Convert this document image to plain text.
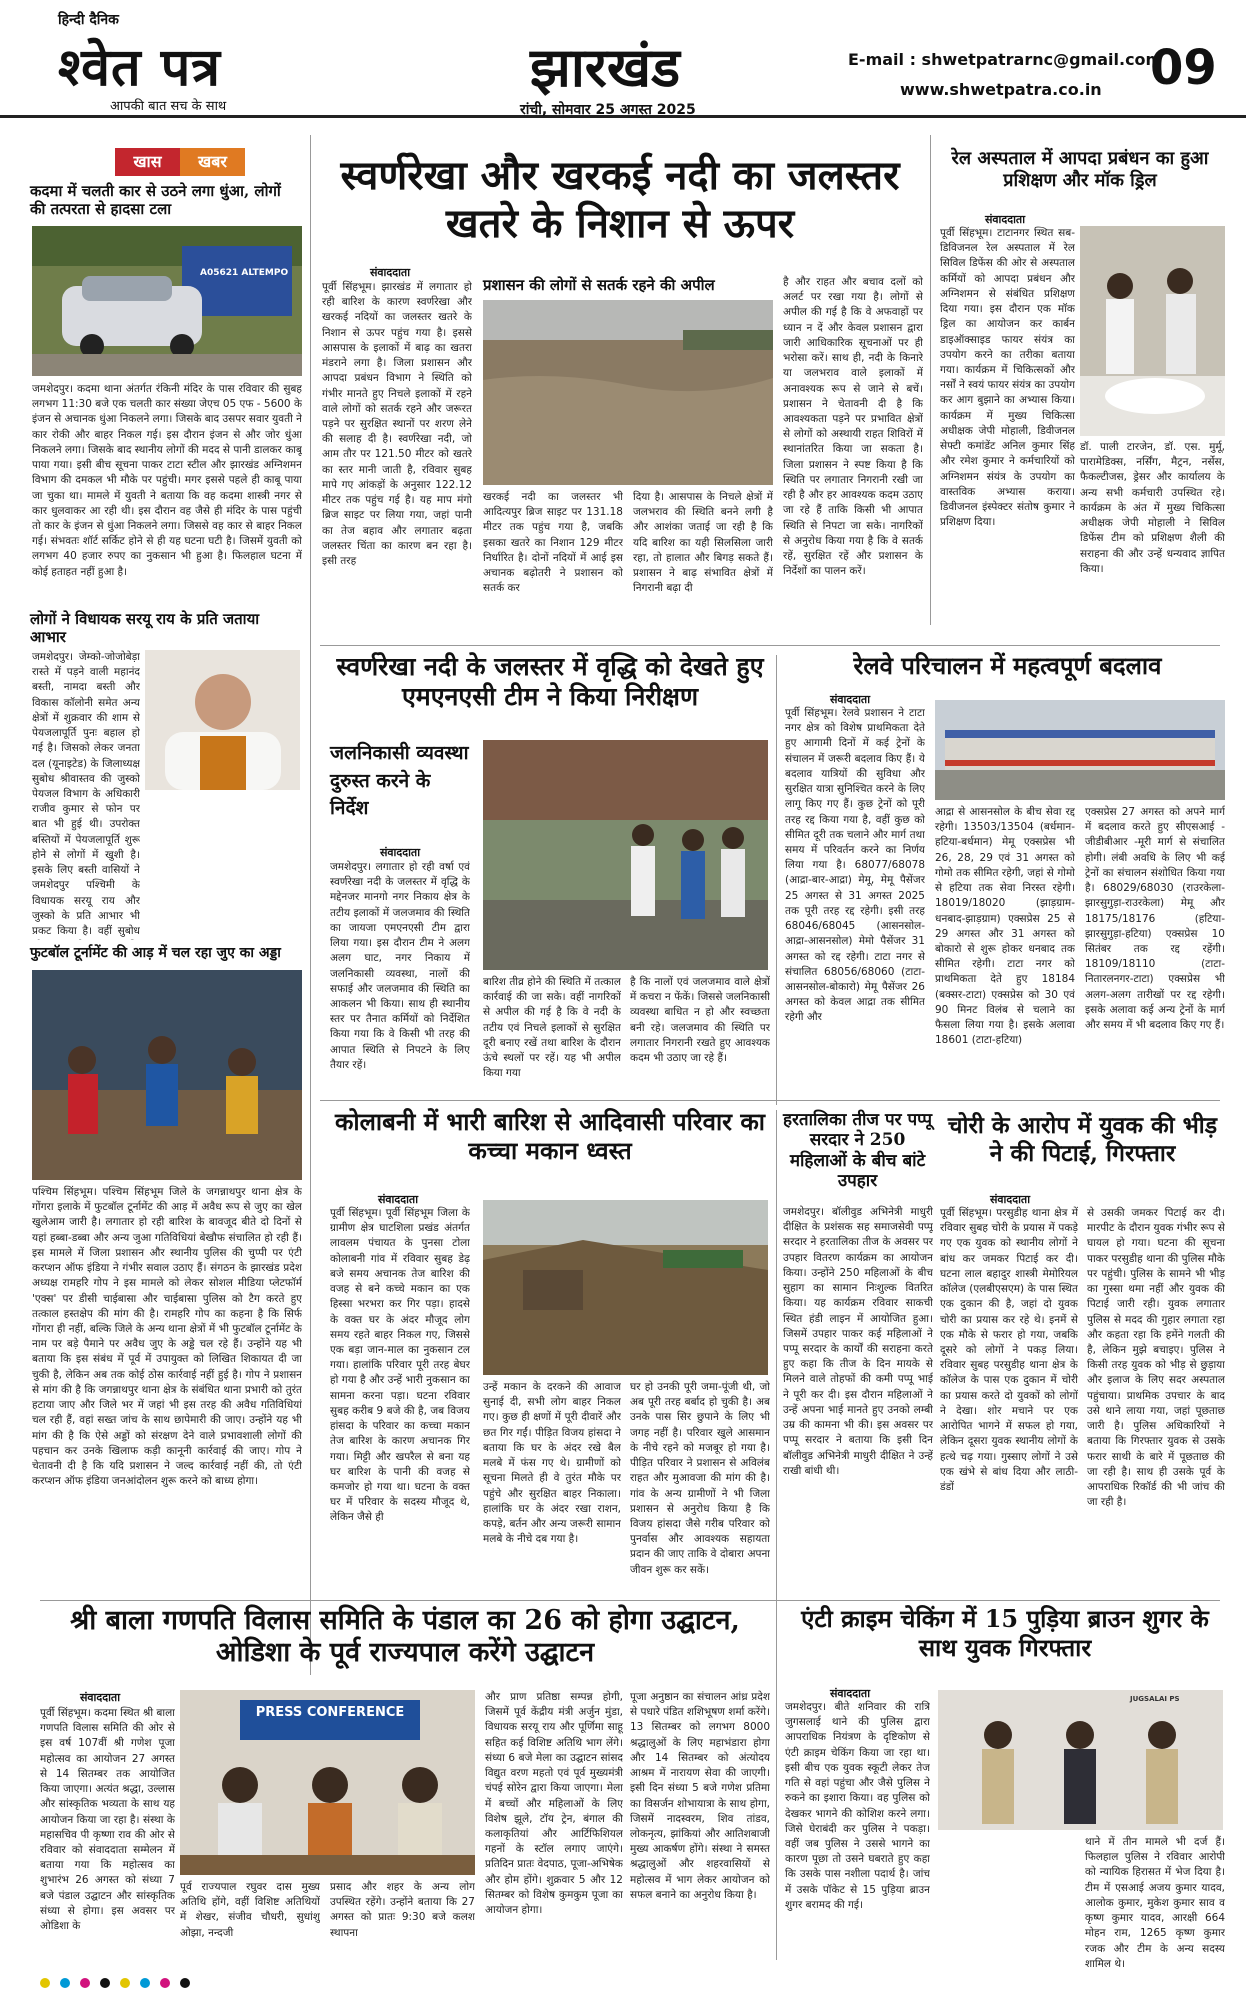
हिन्दी दैनिक
श्वेत पत्र
आपकी बात सच के साथ
झारखंड
रांची, सोमवार 25 अगस्त 2025
E-mail : shwetpatrarnc@gmail.com
www.shwetpatra.co.in 09
खास	खबर
कदमा में चलती कार से उठने लगा धुंआ, लोगों की तत्परता से हादसा टला
A05621 ALTEMPO
जमशेदपुर। कदमा थाना अंतर्गत रंकिनी मंदिर के पास रविवार की सुबह लगभग 11:30 बजे एक चलती कार संख्या जेएच 05 एफ - 5600 के इंजन से अचानक धुंआ निकलने लगा। जिसके बाद उसपर सवार युवती ने कार रोकी और बाहर निकल गई। इस दौरान इंजन से और जोर धुंआ निकलने लगा। जिसके बाद स्थानीय लोगों की मदद से पानी डालकर काबू पाया गया। इसी बीच सूचना पाकर टाटा स्टील और झारखंड अग्निशमन विभाग की दमकल भी मौके पर पहुंची। मगर इससे पहले ही काबू पाया जा चुका था। मामले में युवती ने बताया कि वह कदमा शास्त्री नगर से कार धुलवाकर आ रही थी। इस दौरान वह जैसे ही मंदिर के पास पहुंची तो कार के इंजन से धुंआ निकलने लगा। जिससे वह कार से बाहर निकल गई। संभवतः शॉर्ट सर्किट होने से ही यह घटना घटी है। जिसमें युवती को लगभग 40 हजार रुपए का नुकसान भी हुआ है। फिलहाल घटना में कोई हताहत नहीं हुआ है।
लोगों ने विधायक सरयू राय के प्रति जताया आभार
जमशेदपुर। जेम्को-जोजोबेड़ा रास्ते में पड़ने वाली महानंद बस्ती, नामदा बस्ती और विकास कॉलोनी समेत अन्य क्षेत्रों में शुक्रवार की शाम से पेयजलापूर्ति पुनः बहाल हो गई है। जिसको लेकर जनता दल (यूनाइटेड) के जिलाध्यक्ष सुबोध श्रीवास्तव की जुस्को पेयजल विभाग के अधिकारी राजीव कुमार से फोन पर बात भी हुई थी। उपरोक्त बस्तियों में पेयजलापूर्ति शुरू होने से लोगों में खुशी है। इसके लिए बस्ती वासियों ने जमशेदपुर पश्चिमी के विधायक सरयू राय और जुस्को के प्रति आभार भी प्रकट किया है। वहीं सुबोध
फुटबॉल टूर्नामेंट की आड़ में चल रहा जुए का अड्डा
पश्चिम सिंहभूम। पश्चिम सिंहभूम जिले के जगन्नाथपुर थाना क्षेत्र के गोंगरा इलाके में फुटबॉल टूर्नामेंट की आड़ में अवैध रूप से जुए का खेल खुलेआम जारी है। लगातार हो रही बारिश के बावजूद बीते दो दिनों से यहां हब्बा-डब्बा और अन्य जुआ गतिविधियां बेखौफ संचालित हो रही हैं। इस मामले में जिला प्रशासन और स्थानीय पुलिस की चुप्पी पर एंटी करप्शन ऑफ इंडिया ने गंभीर सवाल उठाए हैं। संगठन के झारखंड प्रदेश अध्यक्ष रामहरि गोप ने इस मामले को लेकर सोशल मीडिया प्लेटफॉर्म 'एक्स' पर डीसी चाईबासा और चाईबासा पुलिस को टैग करते हुए तत्काल हस्तक्षेप की मांग की है। रामहरि गोप का कहना है कि सिर्फ गोंगरा ही नहीं, बल्कि जिले के अन्य थाना क्षेत्रों में भी फुटबॉल टूर्नामेंट के नाम पर बड़े पैमाने पर अवैध जुए के अड्डे चल रहे हैं। उन्होंने यह भी बताया कि इस संबंध में पूर्व में उपायुक्त को लिखित शिकायत दी जा चुकी है, लेकिन अब तक कोई ठोस कार्रवाई नहीं हुई है। गोप ने प्रशासन से मांग की है कि जगन्नाथपुर थाना क्षेत्र के संबंधित थाना प्रभारी को तुरंत हटाया जाए और जिले भर में जहां भी इस तरह की अवैध गतिविधियां चल रही हैं, वहां सख्त जांच के साथ छापेमारी की जाए। उन्होंने यह भी मांग की है कि ऐसे अड्डों को संरक्षण देने वाले प्रभावशाली लोगों की पहचान कर उनके खिलाफ कड़ी कानूनी कार्रवाई की जाए। गोप ने चेतावनी दी है कि यदि प्रशासन ने जल्द कार्रवाई नहीं की, तो एंटी करप्शन ऑफ इंडिया जनआंदोलन शुरू करने को बाध्य होगा।
स्वर्णरेखा और खरकई नदी का जलस्तर खतरे के निशान से ऊपर
संवाददाता
पूर्वी सिंहभूम। झारखंड में लगातार हो रही बारिश के कारण स्वर्णरेखा और खरकई नदियों का जलस्तर खतरे के निशान से ऊपर पहुंच गया है। इससे आसपास के इलाकों में बाढ़ का खतरा मंडराने लगा है। जिला प्रशासन और आपदा प्रबंधन विभाग ने स्थिति को गंभीर मानते हुए निचले इलाकों में रहने वाले लोगों को सतर्क रहने और जरूरत पड़ने पर सुरक्षित स्थानों पर शरण लेने की सलाह दी है। स्वर्णरेखा नदी, जो आम तौर पर 121.50 मीटर को खतरे का स्तर मानी जाती है, रविवार सुबह मापे गए आंकड़ों के अनुसार 122.12 मीटर तक पहुंच गई है। यह माप मंगो ब्रिज साइट पर लिया गया, जहां पानी का तेज बहाव और लगातार बढ़ता जलस्तर चिंता का कारण बन रहा है। इसी तरह
प्रशासन की लोगों से सतर्क रहने की अपील
खरकई नदी का जलस्तर भी आदित्यपुर ब्रिज साइट पर 131.18 मीटर तक पहुंच गया है, जबकि इसका खतरे का निशान 129 मीटर निर्धारित है। दोनों नदियों में आई इस अचानक बढ़ोतरी ने प्रशासन को सतर्क कर
दिया है। आसपास के निचले क्षेत्रों में जलभराव की स्थिति बनने लगी है और आशंका जताई जा रही है कि यदि बारिश का यही सिलसिला जारी रहा, तो हालात और बिगड़ सकते हैं। प्रशासन ने बाढ़ संभावित क्षेत्रों में निगरानी बढ़ा दी
है और राहत और बचाव दलों को अलर्ट पर रखा गया है। लोगों से अपील की गई है कि वे अफवाहों पर ध्यान न दें और केवल प्रशासन द्वारा जारी आधिकारिक सूचनाओं पर ही भरोसा करें। साथ ही, नदी के किनारे या जलभराव वाले इलाकों में अनावश्यक रूप से जाने से बचें। प्रशासन ने चेतावनी दी है कि आवश्यकता पड़ने पर प्रभावित क्षेत्रों से लोगों को अस्थायी राहत शिविरों में स्थानांतरित किया जा सकता है। जिला प्रशासन ने स्पष्ट किया है कि स्थिति पर लगातार निगरानी रखी जा रही है और हर आवश्यक कदम उठाए जा रहे हैं ताकि किसी भी आपात स्थिति से निपटा जा सके। नागरिकों से अनुरोध किया गया है कि वे सतर्क रहें, सुरक्षित रहें और प्रशासन के निर्देशों का पालन करें।
रेल अस्पताल में आपदा प्रबंधन का हुआ प्रशिक्षण और मॉक ड्रिल
संवाददाता
पूर्वी सिंहभूम। टाटानगर स्थित सब-डिविजनल रेल अस्पताल में रेल सिविल डिफेंस की ओर से अस्पताल कर्मियों को आपदा प्रबंधन और अग्निशमन से संबंधित प्रशिक्षण दिया गया। इस दौरान एक मॉक ड्रिल का आयोजन कर कार्बन डाइऑक्साइड फायर संयंत्र का उपयोग करने का तरीका बताया गया। कार्यक्रम में चिकित्सकों और नर्सों ने स्वयं फायर संयंत्र का उपयोग कर आग बुझाने का अभ्यास किया। कार्यक्रम में मुख्य चिकित्सा अधीक्षक जेपी मोहाली, डिवीजनल सेफ्टी कमांडेंट अनिल कुमार सिंह और रमेश कुमार ने कर्मचारियों को अग्निशमन संयंत्र के उपयोग का वास्तविक अभ्यास कराया। डिवीजनल इंस्पेक्टर संतोष कुमार ने प्रशिक्षण दिया।
डॉ. पाली टारजेन, डॉ. एस. मुर्मू, पारामेडिक्स, नर्सिंग, मैट्रन, नर्सेस, फैकल्टीजस, ड्रेसर और कार्यालय के अन्य सभी कर्मचारी उपस्थित रहे। कार्यक्रम के अंत में मुख्य चिकित्सा अधीक्षक जेपी मोहाली ने सिविल डिफेंस टीम को प्रशिक्षण शैली की सराहना की और उन्हें धन्यवाद ज्ञापित किया।
स्वर्णरेखा नदी के जलस्तर में वृद्धि को देखते हुए एमएनएसी टीम ने किया निरीक्षण
जलनिकासी व्यवस्था दुरुस्त करने के निर्देश
संवाददाता
जमशेदपुर। लगातार हो रही वर्षा एवं स्वर्णरेखा नदी के जलस्तर में वृद्धि के मद्देनजर मानगो नगर निकाय क्षेत्र के तटीय इलाकों में जलजमाव की स्थिति का जायजा एमएनएसी टीम द्वारा लिया गया। इस दौरान टीम ने अलग अलग घाट, नगर निकाय में जलनिकासी व्यवस्था, नालों की सफाई और जलजमाव की स्थिति का आकलन भी किया। साथ ही स्थानीय स्तर पर तैनात कर्मियों को निर्देशित किया गया कि वे किसी भी तरह की आपात स्थिति से निपटने के लिए तैयार रहें।
बारिश तीव्र होने की स्थिति में तत्काल कार्रवाई की जा सके। वहीं नागरिकों से अपील की गई है कि वे नदी के तटीय एवं निचले इलाकों से सुरक्षित दूरी बनाए रखें तथा बारिश के दौरान ऊंचे स्थलों पर रहें। यह भी अपील किया गया
है कि नालों एवं जलजमाव वाले क्षेत्रों में कचरा न फेंकें। जिससे जलनिकासी व्यवस्था बाधित न हो और स्वच्छता बनी रहे। जलजमाव की स्थिति पर लगातार निगरानी रखते हुए आवश्यक कदम भी उठाए जा रहे हैं।
रेलवे परिचालन में महत्वपूर्ण बदलाव
संवाददाता
पूर्वी सिंहभूम। रेलवे प्रशासन ने टाटा नगर क्षेत्र को विशेष प्राथमिकता देते हुए आगामी दिनों में कई ट्रेनों के संचालन में जरूरी बदलाव किए हैं। ये बदलाव यात्रियों की सुविधा और सुरक्षित यात्रा सुनिश्चित करने के लिए लागू किए गए हैं। कुछ ट्रेनों को पूरी तरह रद्द किया गया है, वहीं कुछ को सीमित दूरी तक चलाने और मार्ग तथा समय में परिवर्तन करने का निर्णय लिया गया है। 68077/68078 (आद्रा-बार-आद्रा) मेमू, मेमू पैसेंजर 25 अगस्त से 31 अगस्त 2025 तक पूरी तरह रद्द रहेगी। इसी तरह 68046/68045 (आसनसोल-आद्रा-आसनसोल) मेमो पैसेंजर 31 अगस्त को रद्द रहेगी। टाटा नगर से संचालित 68056/68060 (टाटा-आसनसोल-बोकारो) मेमू पैसेंजर 26 अगस्त को केवल आद्रा तक सीमित रहेगी और
आद्रा से आसनसोल के बीच सेवा रद्द रहेगी। 13503/13504 (बर्धमान-हटिया-बर्धमान) मेमू एक्सप्रेस भी 26, 28, 29 एवं 31 अगस्त को गोमो तक सीमित रहेगी, जहां से गोमो से हटिया तक सेवा निरस्त रहेगी। 18019/18020 (झाड़ग्राम-धनबाद-झाड़ग्राम) एक्सप्रेस 25 से 29 अगस्त और 31 अगस्त को बोकारो से शुरू होकर धनबाद तक सीमित रहेगी। टाटा नगर को प्राथमिकता देते हुए 18184 (बक्सर-टाटा) एक्सप्रेस को 30 एवं 90 मिनट विलंब से चलाने का फैसला लिया गया है। इसके अलावा 18601 (टाटा-हटिया)
एक्सप्रेस 27 अगस्त को अपने मार्ग में बदलाव करते हुए सीएसआई - जीडीबीआर -मूरी मार्ग से संचालित होगी। लंबी अवधि के लिए भी कई ट्रेनों का संचालन संशोधित किया गया है। 68029/68030 (राउरकेला-झारसुगुड़ा-राउरकेला) मेमू और 18175/18176 (हटिया-झारसुगुड़ा-हटिया) एक्सप्रेस 10 सितंबर तक रद्द रहेंगी। 18109/18110 (टाटा-नितारलनगर-टाटा) एक्सप्रेस भी अलग-अलग तारीखों पर रद्द रहेगी। इसके अलावा कई अन्य ट्रेनों के मार्ग और समय में भी बदलाव किए गए हैं।
कोलाबनी में भारी बारिश से आदिवासी परिवार का कच्चा मकान ध्वस्त
संवाददाता
पूर्वी सिंहभूम। पूर्वी सिंहभूम जिला के ग्रामीण क्षेत्र घाटशिला प्रखंड अंतर्गत लावलम पंचायत के पुनसा टोला कोलाबनी गांव में रविवार सुबह डेढ़ बजे समय अचानक तेज बारिश की वजह से बने कच्चे मकान का एक हिस्सा भरभरा कर गिर पड़ा। हादसे के वक्त घर के अंदर मौजूद लोग समय रहते बाहर निकल गए, जिससे एक बड़ा जान-माल का नुकसान टल गया। हालांकि परिवार पूरी तरह बेघर हो गया है और उन्हें भारी नुकसान का सामना करना पड़ा। घटना रविवार सुबह करीब 9 बजे की है, जब विजय हांसदा के परिवार का कच्चा मकान तेज बारिश के कारण अचानक गिर गया। मिट्टी और खपरैल से बना यह घर बारिश के पानी की वजह से कमजोर हो गया था। घटना के वक्त घर में परिवार के सदस्य मौजूद थे, लेकिन जैसे ही
उन्हें मकान के दरकने की आवाज सुनाई दी, सभी लोग बाहर निकल गए। कुछ ही क्षणों में पूरी दीवारें और छत गिर गईं। पीड़ित विजय हांसदा ने बताया कि घर के अंदर रखे बैल मलबे में फंस गए थे। ग्रामीणों को सूचना मिलते ही वे तुरंत मौके पर पहुंचे और सुरक्षित बाहर निकाला। हालांकि घर के अंदर रखा राशन, कपड़े, बर्तन और अन्य जरूरी सामान मलबे के नीचे दब गया है।
घर हो उनकी पूरी जमा-पूंजी थी, जो अब पूरी तरह बर्बाद हो चुकी है। अब उनके पास सिर छुपाने के लिए भी जगह नहीं है। परिवार खुले आसमान के नीचे रहने को मजबूर हो गया है। पीड़ित परिवार ने प्रशासन से अविलंब राहत और मुआवजा की मांग की है। गांव के अन्य ग्रामीणों ने भी जिला प्रशासन से अनुरोध किया है कि विजय हांसदा जैसे गरीब परिवार को पुनर्वास और आवश्यक सहायता प्रदान की जाए ताकि वे दोबारा अपना जीवन शुरू कर सकें।
हरतालिका तीज पर पप्पू सरदार ने 250 महिलाओं के बीच बांटे उपहार
जमशेदपुर। बॉलीवुड अभिनेत्री माधुरी दीक्षित के प्रशंसक सह समाजसेवी पप्पू सरदार ने हरतालिका तीज के अवसर पर उपहार वितरण कार्यक्रम का आयोजन किया। उन्होंने 250 महिलाओं के बीच सुहाग का सामान निःशुल्क वितरित किया। यह कार्यक्रम रविवार साकची स्थित हंडी लाइन में आयोजित हुआ। जिसमें उपहार पाकर कई महिलाओं ने पप्पू सरदार के कार्यों की सराहना करते हुए कहा कि तीज के दिन मायके से मिलने वाले तोहफों की कमी पप्पू भाई ने पूरी कर दी। इस दौरान महिलाओं ने उन्हें अपना भाई मानते हुए उनको लम्बी उम्र की कामना भी की। इस अवसर पर पप्पू सरदार ने बताया कि इसी दिन बॉलीवुड अभिनेत्री माधुरी दीक्षित ने उन्हें राखी बांधी थी।
चोरी के आरोप में युवक की भीड़ ने की पिटाई, गिरफ्तार
संवाददाता
पूर्वी सिंहभूम। परसुडीह थाना क्षेत्र में रविवार सुबह चोरी के प्रयास में पकड़े गए एक युवक को स्थानीय लोगों ने बांध कर जमकर पिटाई कर दी। घटना लाल बहादुर शास्त्री मेमोरियल कॉलेज (एलबीएसएम) के पास स्थित एक दुकान की है, जहां दो युवक चोरी का प्रयास कर रहे थे। इनमें से एक मौके से फरार हो गया, जबकि दूसरे को लोगों ने पकड़ लिया। रविवार सुबह परसुडीह थाना क्षेत्र के कॉलेज के पास एक दुकान में चोरी का प्रयास करते दो युवकों को लोगों ने देखा। शोर मचाने पर एक आरोपित भागने में सफल हो गया, लेकिन दूसरा युवक स्थानीय लोगों के हत्थे चढ़ गया। गुस्साए लोगों ने उसे एक खंभे से बांध दिया और लाठी-डंडों
से उसकी जमकर पिटाई कर दी। मारपीट के दौरान युवक गंभीर रूप से घायल हो गया। घटना की सूचना पाकर परसुडीह थाना की पुलिस मौके पर पहुंची। पुलिस के सामने भी भीड़ का गुस्सा थमा नहीं और युवक की पिटाई जारी रही। युवक लगातार पुलिस से मदद की गुहार लगाता रहा और कहता रहा कि हमेंने गलती की है, लेकिन मुझे बचाइए। पुलिस ने किसी तरह युवक को भीड़ से छुड़ाया और इलाज के लिए सदर अस्पताल पहुंचाया। प्राथमिक उपचार के बाद उसे थाने लाया गया, जहां पूछताछ जारी है। पुलिस अधिकारियों ने बताया कि गिरफ्तार युवक से उसके फरार साथी के बारे में पूछताछ की जा रही है। साथ ही उसके पूर्व के आपराधिक रिकॉर्ड की भी जांच की जा रही है।
श्री बाला गणपति विलास समिति के पंडाल का 26 को होगा उद्घाटन, ओडिशा के पूर्व राज्यपाल करेंगे उद्घाटन
संवाददाता
पूर्वी सिंहभूम। कदमा स्थित श्री बाला गणपति विलास समिति की ओर से इस वर्ष 107वीं श्री गणेश पूजा महोत्सव का आयोजन 27 अगस्त से 14 सितम्बर तक आयोजित किया जाएगा। अत्यंत श्रद्धा, उल्लास और सांस्कृतिक भव्यता के साथ यह आयोजन किया जा रहा है। संस्था के महासचिव पी कृष्णा राव की ओर से रविवार को संवाददाता सम्मेलन में बताया गया कि महोत्सव का शुभारंभ 26 अगस्त को संध्या 7 बजे पंडाल उद्घाटन और सांस्कृतिक संध्या से होगा। इस अवसर पर ओडिशा के
PRESS CONFERENCE
पूर्व राज्यपाल रघुवर दास मुख्य अतिथि होंगे, वहीं विशिष्ट अतिथियों में शेखर, संजीव चौधरी, सुधांशु ओझा, नन्दजी
प्रसाद और शहर के अन्य लोग उपस्थित रहेंगे। उन्होंने बताया कि 27 अगस्त को प्रातः 9:30 बजे कलश स्थापना
और प्राण प्रतिष्ठा सम्पन्न होगी, जिसमें पूर्व केंद्रीय मंत्री अर्जुन मुंडा, विधायक सरयू राय और पूर्णिमा साहू सहित कई विशिष्ट अतिथि भाग लेंगे। संध्या 6 बजे मेला का उद्घाटन सांसद विद्युत वरण महतो एवं पूर्व मुख्यमंत्री चंपई सोरेन द्वारा किया जाएगा। मेला में बच्चों और महिलाओं के लिए विशेष झूले, टॉय ट्रेन, बंगाल की कलाकृतियां और आर्टिफिशियल गहनों के स्टॉल लगाए जाएंगे। प्रतिदिन प्रातः वेदपाठ, पूजा-अभिषेक और होम होंगे। शुक्रवार 5 और 12 सितम्बर को विशेष कुमकुम पूजा का आयोजन होगा।
पूजा अनुष्ठान का संचालन आंध्र प्रदेश से पधारे पंडित शशिभूषण शर्मा करेंगे। 13 सितम्बर को लगभग 8000 श्रद्धालुओं के लिए महाभंडारा होगा और 14 सितम्बर को अंत्योदय आश्रम में नारायण सेवा की जाएगी। इसी दिन संध्या 5 बजे गणेश प्रतिमा का विसर्जन शोभायात्रा के साथ होगा, जिसमें नादस्वरम, शिव तांडव, लोकनृत्य, झांकियां और आतिशबाजी मुख्य आकर्षण होंगे। संस्था ने समस्त श्रद्धालुओं और शहरवासियों से महोत्सव में भाग लेकर आयोजन को सफल बनाने का अनुरोध किया है।
एंटी क्राइम चेकिंग में 15 पुड़िया ब्राउन शुगर के साथ युवक गिरफ्तार
संवाददाता
जमशेदपुर। बीते शनिवार की रात्रि जुगसलाई थाने की पुलिस द्वारा आपराधिक नियंत्रण के दृष्टिकोण से एंटी क्राइम चेकिंग किया जा रहा था। इसी बीच एक युवक स्कूटी लेकर तेज गति से वहां पहुंचा और जैसे पुलिस ने रुकने का इशारा किया। वह पुलिस को देखकर भागने की कोशिश करने लगा। जिसे घेराबंदी कर पुलिस ने पकड़ा। वहीं जब पुलिस ने उससे भागने का कारण पूछा तो उसने घबराते हुए कहा कि उसके पास नशीला पदार्थ है। जांच में उसके पॉकेट से 15 पुड़िया ब्राउन शुगर बरामद की गई।
JUGSALAI PS
थाने में तीन मामले भी दर्ज हैं। फिलहाल पुलिस ने रविवार आरोपी को न्यायिक हिरासत में भेज दिया है। टीम में एसआई अजय कुमार यादव, आलोक कुमार, मुकेश कुमार साव व कृष्ण कुमार यादव, आरक्षी 664 मोहन राम, 1265 कृष्ण कुमार रजक और टीम के अन्य सदस्य शामिल थे।
